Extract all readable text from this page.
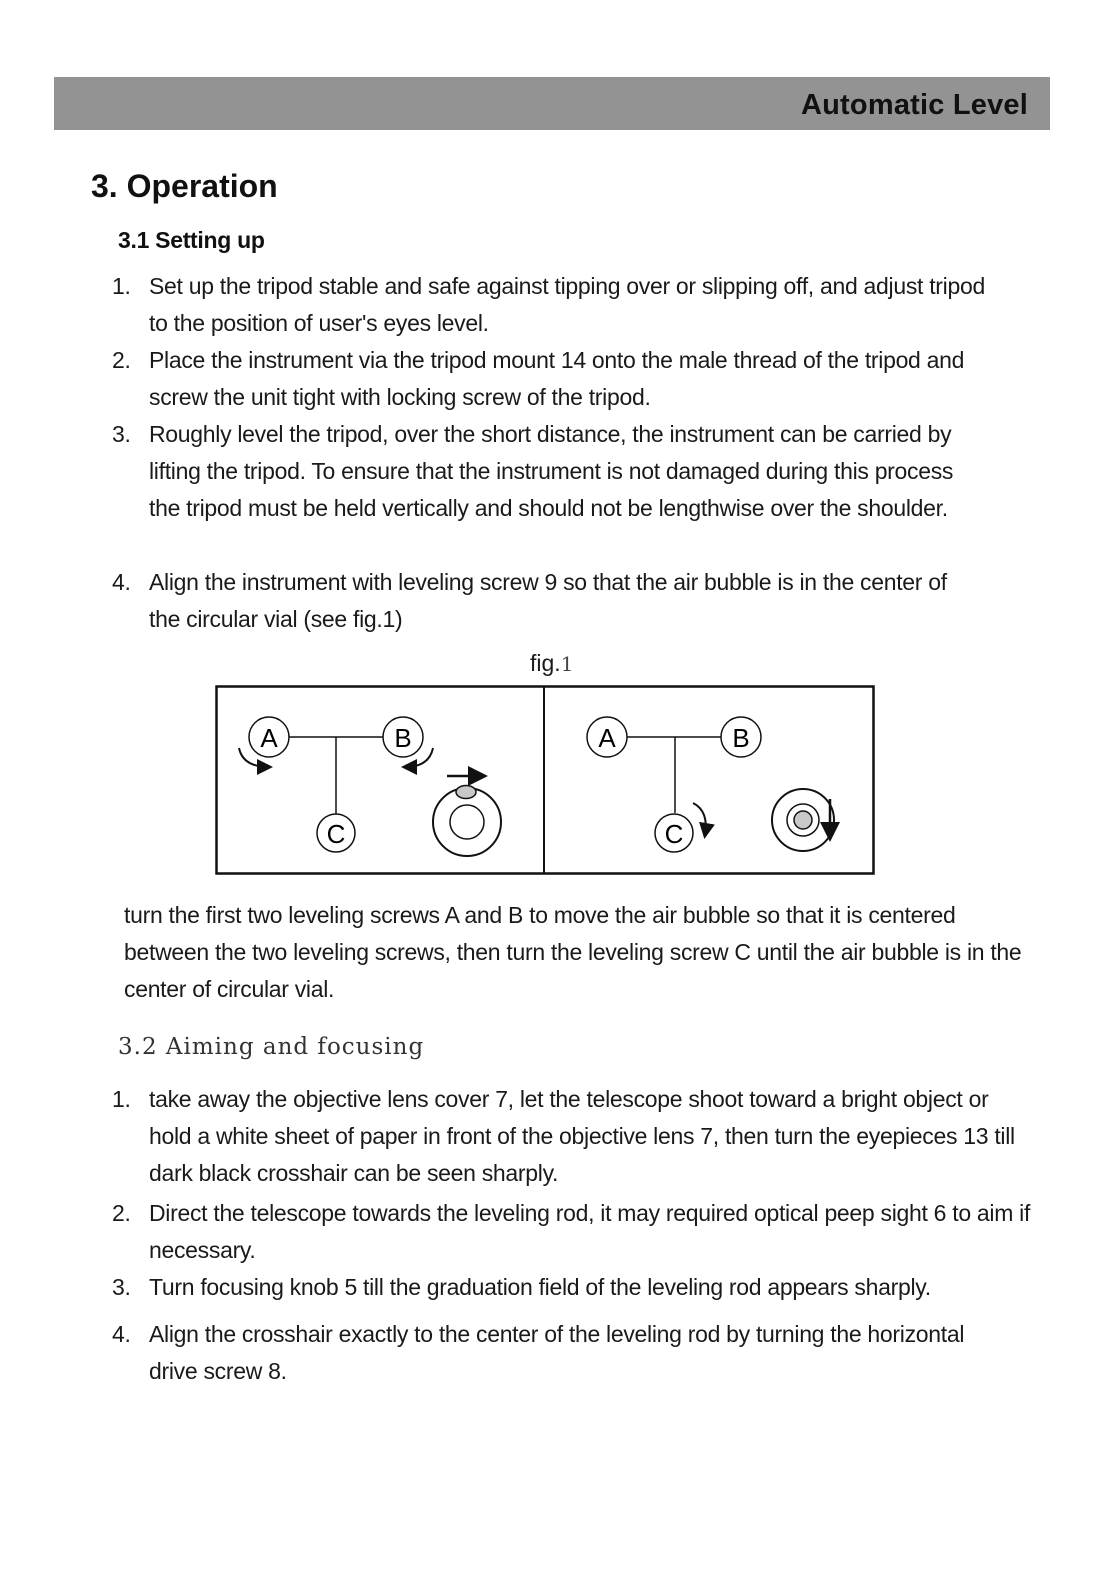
Automatic Level
3. Operation
3.1 Setting up
1. Set up the tripod stable and safe against tipping over or slipping off, and adjust tripod to the position of user's eyes level.
2. Place the instrument via the tripod mount 14 onto the male thread of the tripod and screw the unit tight with locking screw of the tripod.
3. Roughly level the tripod, over the short distance, the instrument can be carried by lifting the tripod. To ensure that the instrument is not damaged during this process the tripod must be held vertically and should not be lengthwise over the shoulder.
4. Align the instrument with leveling screw 9 so that the air bubble is in the center of the circular vial (see fig.1)
fig.1
A	B
C
A	B
C
turn the first two leveling screws A and B to move the air bubble so that it is centered between the two leveling screws, then turn the leveling screw C until the air bubble is in the center of circular vial.
3.2 Aiming and focusing
1. take away the objective lens cover 7, let the telescope shoot toward a bright object or hold a white sheet of paper in front of the objective lens 7, then turn the eyepieces 13 till dark black crosshair can be seen sharply.
2. Direct the telescope towards the leveling rod, it may required optical peep sight 6 to aim if necessary.
3. Turn focusing knob 5 till the graduation field of the leveling rod appears sharply.
4. Align the crosshair exactly to the center of the leveling rod by turning the horizontal drive screw 8.
